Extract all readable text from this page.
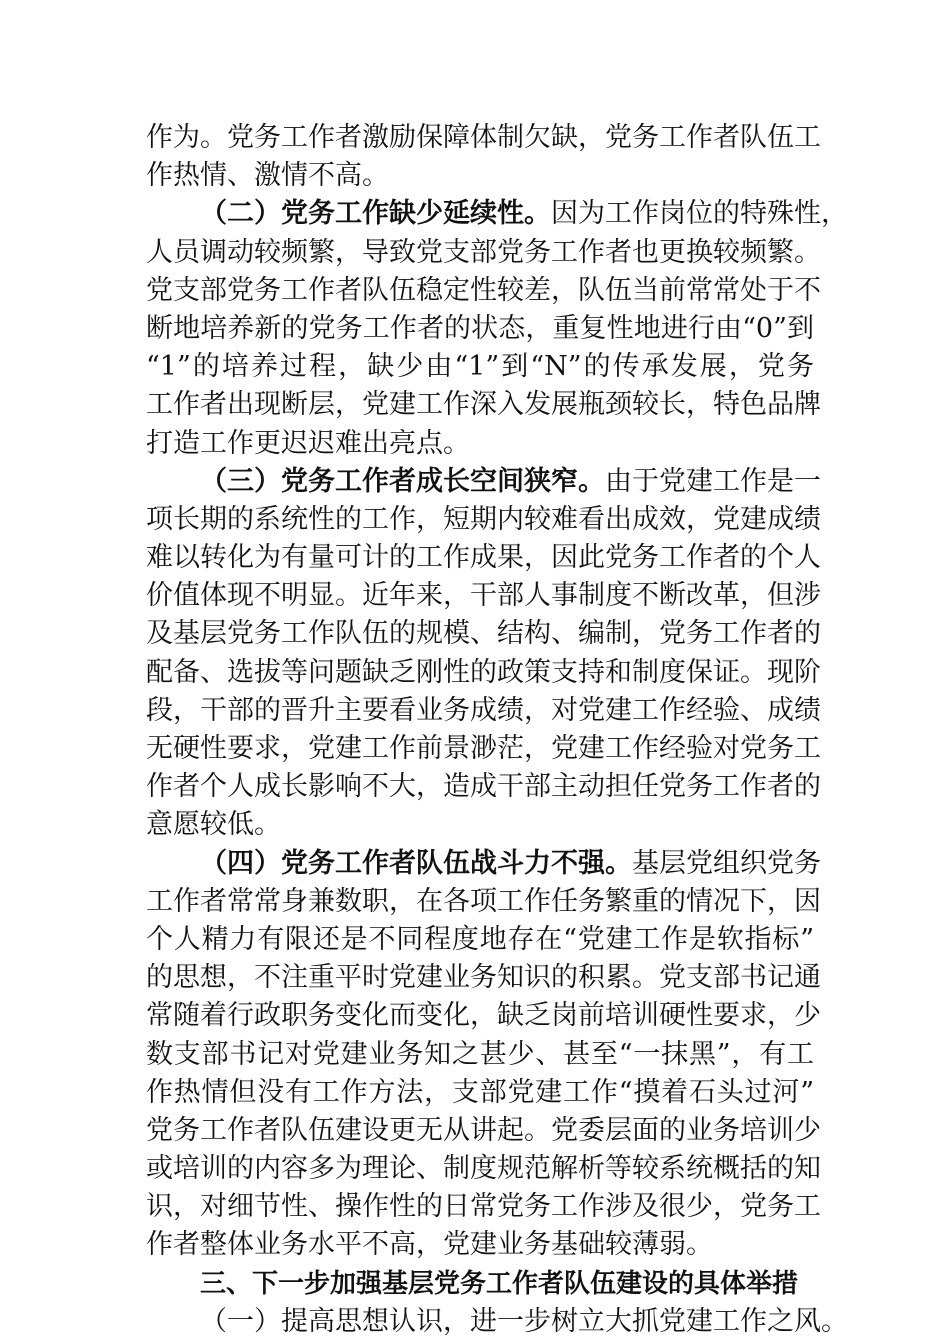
作为。党务工作者激励保障体制欠缺，党务工作者队伍工
作热情、激情不高。
（二）党务工作缺少延续性。因为工作岗位的特殊性，
人员调动较频繁，导致党支部党务工作者也更换较频繁。
党支部党务工作者队伍稳定性较差，队伍当前常常处于不
断地培养新的党务工作者的状态，重复性地进行由“0”到
“1”的培养过程，缺少由“1”到“N”的传承发展，党务
工作者出现断层，党建工作深入发展瓶颈较长，特色品牌
打造工作更迟迟难出亮点。
（三）党务工作者成长空间狭窄。由于党建工作是一
项长期的系统性的工作，短期内较难看出成效，党建成绩
难以转化为有量可计的工作成果，因此党务工作者的个人
价值体现不明显。近年来，干部人事制度不断改革，但涉
及基层党务工作队伍的规模、结构、编制，党务工作者的
配备、选拔等问题缺乏刚性的政策支持和制度保证。现阶
段，干部的晋升主要看业务成绩，对党建工作经验、成绩
无硬性要求，党建工作前景渺茫，党建工作经验对党务工
作者个人成长影响不大，造成干部主动担任党务工作者的
意愿较低。
（四）党务工作者队伍战斗力不强。基层党组织党务
工作者常常身兼数职，在各项工作任务繁重的情况下，因
个人精力有限还是不同程度地存在“党建工作是软指标”
的思想，不注重平时党建业务知识的积累。党支部书记通
常随着行政职务变化而变化，缺乏岗前培训硬性要求，少
数支部书记对党建业务知之甚少、甚至“一抹黑”，有工
作热情但没有工作方法，支部党建工作“摸着石头过河”
党务工作者队伍建设更无从讲起。党委层面的业务培训少
或培训的内容多为理论、制度规范解析等较系统概括的知
识，对细节性、操作性的日常党务工作涉及很少，党务工
作者整体业务水平不高，党建业务基础较薄弱。
三、下一步加强基层党务工作者队伍建设的具体举措
（一）提高思想认识，进一步树立大抓党建工作之风。
